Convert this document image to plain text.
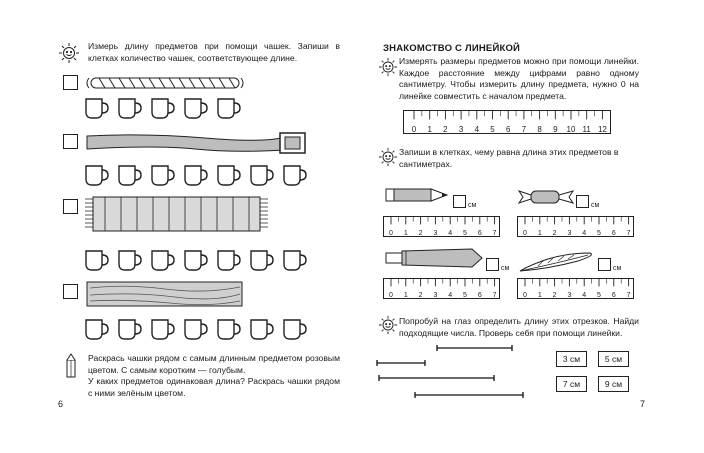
Измерь длину предметов при помощи чашек. Запиши в клетках количество чашек, соответствующее длине.
Раскрась чашки рядом с самым длинным предметом розовым цветом. С самым коротким — голубым.
У каких предметов одинаковая длина? Раскрась чашки рядом с ними зелёным цветом.
6
ЗНАКОМСТВО С ЛИНЕЙКОЙ
Измерять размеры предметов можно при помощи линейки. Каждое расстояние между цифрами равно одному сантиметру. Чтобы измерить длину предмета, нужно 0 на линейке совместить с началом предмета.
0 1 2 3 4 5 6 7 8 9 10 11 12
Запиши в клетках, чему равна длина этих предметов в сантиметрах.
см
0 1 2 3 4 5 6 7
см
0 1 2 3 4 5 6 7
см
0 1 2 3 4 5 6 7
см
0 1 2 3 4 5 6 7
Попробуй на глаз определить длину этих отрезков. Найди подходящие числа. Проверь себя при помощи линейки.
3 см	5 см
7 см	9 см
7
